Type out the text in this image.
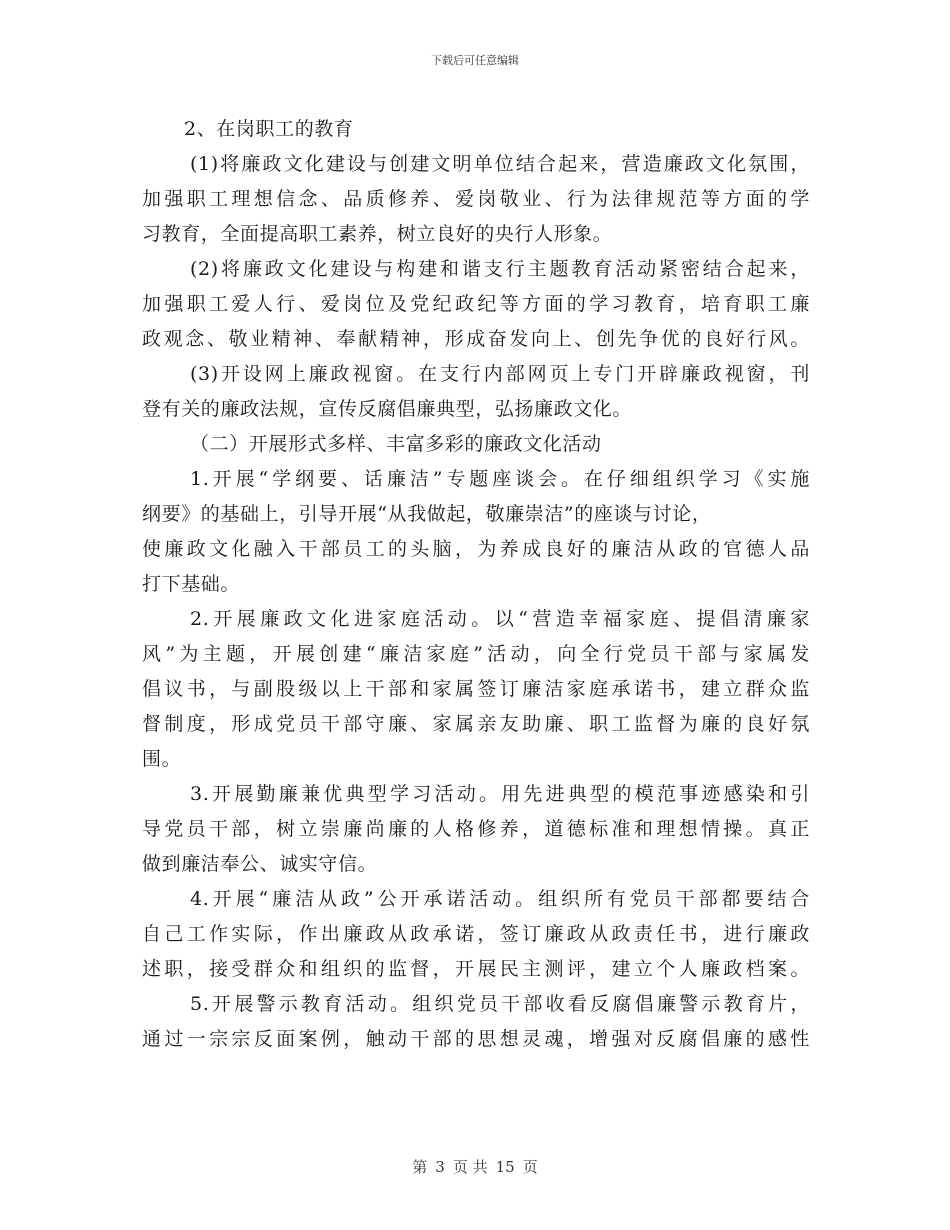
下载后可任意编辑
2、在岗职工的教育
(1)将廉政文化建设与创建文明单位结合起来，营造廉政文化氛围，
加强职工理想信念、品质修养、爱岗敬业、行为法律规范等方面的学
习教育，全面提高职工素养，树立良好的央行人形象。
(2)将廉政文化建设与构建和谐支行主题教育活动紧密结合起来，
加强职工爱人行、爱岗位及党纪政纪等方面的学习教育，培育职工廉
政观念、敬业精神、奉献精神，形成奋发向上、创先争优的良好行风。
(3)开设网上廉政视窗。在支行内部网页上专门开辟廉政视窗，刊
登有关的廉政法规，宣传反腐倡廉典型，弘扬廉政文化。
（二）开展形式多样、丰富多彩的廉政文化活动
1.开展“学纲要、话廉洁”专题座谈会。在仔细组织学习《实施
纲要》的基础上，引导开展“从我做起，敬廉崇洁”的座谈与讨论，
使廉政文化融入干部员工的头脑，为养成良好的廉洁从政的官德人品
打下基础。
2.开展廉政文化进家庭活动。以“营造幸福家庭、提倡清廉家
风”为主题，开展创建“廉洁家庭”活动，向全行党员干部与家属发
倡议书，与副股级以上干部和家属签订廉洁家庭承诺书，建立群众监
督制度，形成党员干部守廉、家属亲友助廉、职工监督为廉的良好氛
围。
3.开展勤廉兼优典型学习活动。用先进典型的模范事迹感染和引
导党员干部，树立崇廉尚廉的人格修养，道德标准和理想情操。真正
做到廉洁奉公、诚实守信。
4.开展“廉洁从政”公开承诺活动。组织所有党员干部都要结合
自己工作实际，作出廉政从政承诺，签订廉政从政责任书，进行廉政
述职，接受群众和组织的监督，开展民主测评，建立个人廉政档案。
5.开展警示教育活动。组织党员干部收看反腐倡廉警示教育片，
通过一宗宗反面案例，触动干部的思想灵魂，增强对反腐倡廉的感性
第 3 页 共 15 页
